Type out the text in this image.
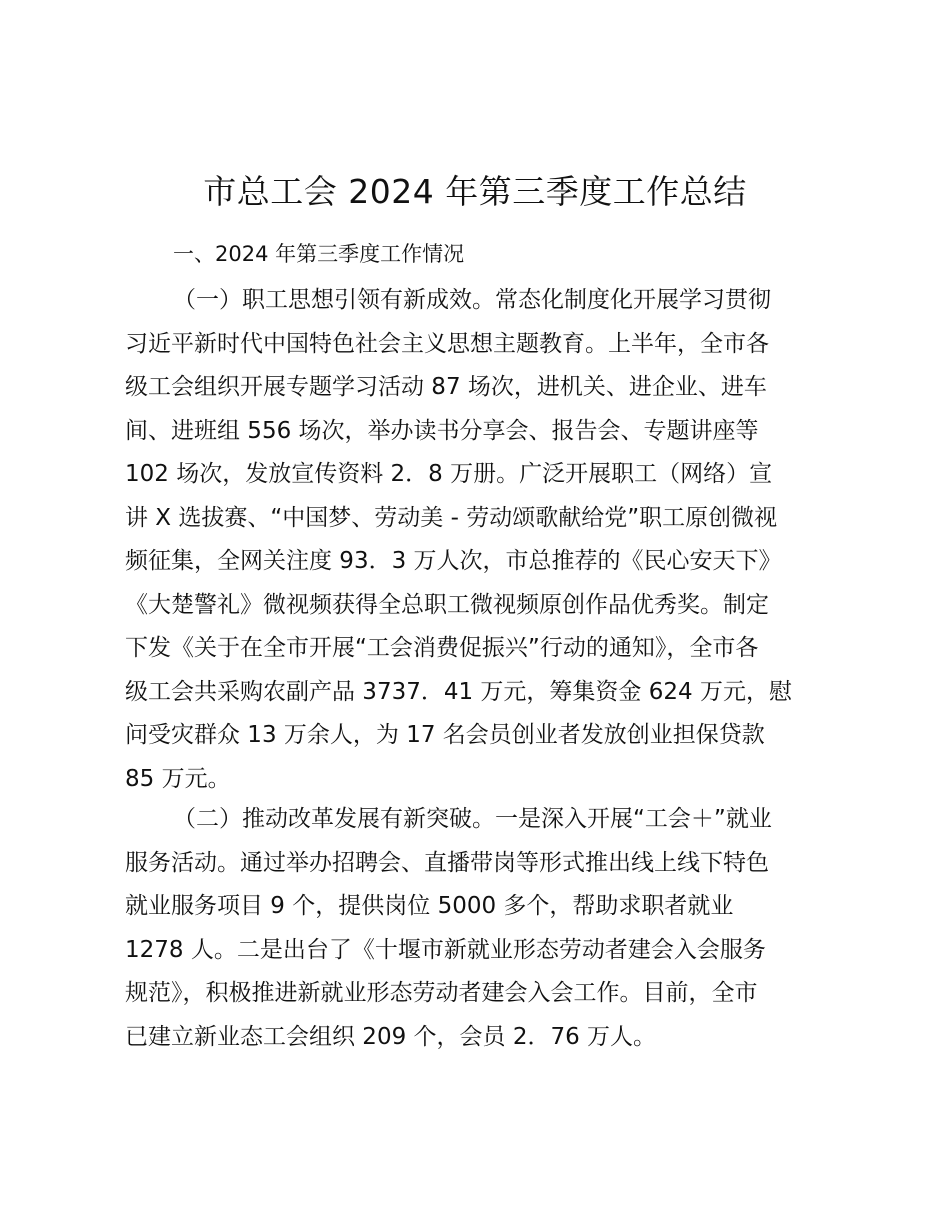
市总工会 2024 年第三季度工作总结
一、2024 年第三季度工作情况
（一）职工思想引领有新成效。常态化制度化开展学习贯彻
习近平新时代中国特色社会主义思想主题教育。上半年，全市各
级工会组织开展专题学习活动 87 场次，进机关、进企业、进车
间、进班组 556 场次，举办读书分享会、报告会、专题讲座等
102 场次，发放宣传资料 2．8 万册。广泛开展职工（网络）宣
讲 X 选拔赛、“中国梦、劳动美 - 劳动颂歌献给党”职工原创微视
频征集，全网关注度 93．3 万人次，市总推荐的《民心安天下》
《大楚警礼》微视频获得全总职工微视频原创作品优秀奖。制定
下发《关于在全市开展“工会消费促振兴”行动的通知》，全市各
级工会共采购农副产品 3737．41 万元，筹集资金 624 万元，慰
问受灾群众 13 万余人，为 17 名会员创业者发放创业担保贷款
85 万元。
（二）推动改革发展有新突破。一是深入开展“工会＋”就业
服务活动。通过举办招聘会、直播带岗等形式推出线上线下特色
就业服务项目 9 个，提供岗位 5000 多个，帮助求职者就业
1278 人。二是出台了《十堰市新就业形态劳动者建会入会服务
规范》，积极推进新就业形态劳动者建会入会工作。目前，全市
已建立新业态工会组织 209 个，会员 2．76 万人。
